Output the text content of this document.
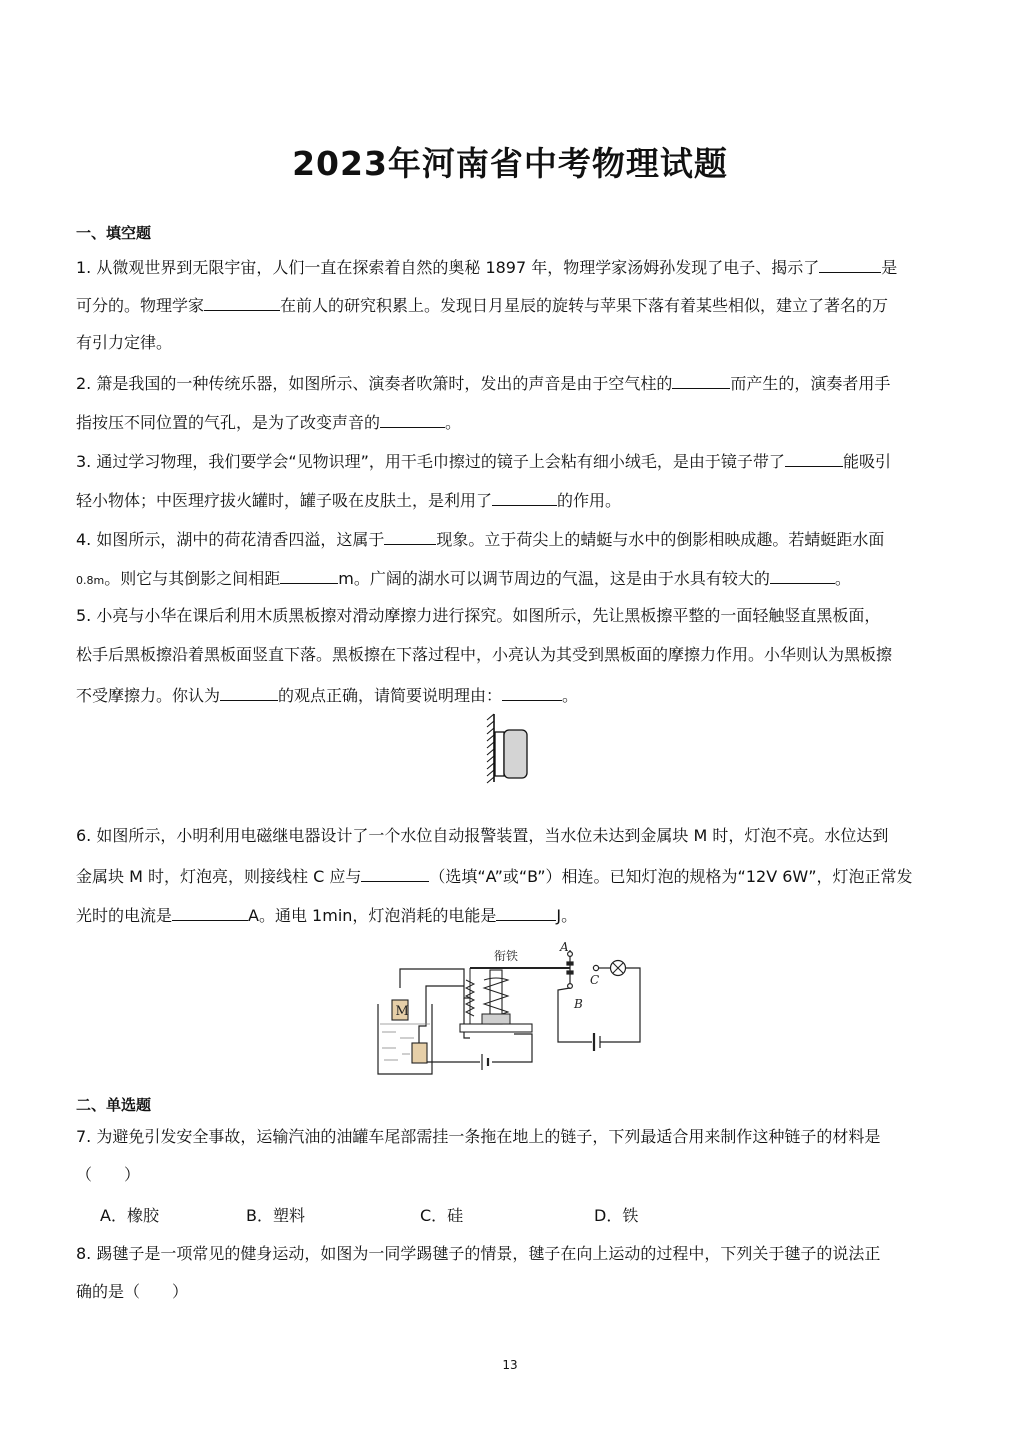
2023年河南省中考物理试题
一、填空题
1. 从微观世界到无限宇宙，人们一直在探索着自然的奥秘 1897 年，物理学家汤姆孙发现了电子、揭示了	是
可分的。物理学家	在前人的研究积累上。发现日月星辰的旋转与苹果下落有着某些相似，建立了著名的万
有引力定律。
2. 箫是我国的一种传统乐器，如图所示、演奏者吹箫时，发出的声音是由于空气柱的	而产生的，演奏者用手
指按压不同位置的气孔，是为了改变声音的	。
3. 通过学习物理，我们要学会“见物识理”，用干毛巾擦过的镜子上会粘有细小绒毛，是由于镜子带了	能吸引
轻小物体；中医理疗拔火罐时，罐子吸在皮肤土，是利用了	的作用。
4. 如图所示，湖中的荷花清香四溢，这属于	现象。立于荷尖上的蜻蜓与水中的倒影相映成趣。若蜻蜓距水面
0.8m。则它与其倒影之间相距	m。广阔的湖水可以调节周边的气温，这是由于水具有较大的	。
5. 小亮与小华在课后利用木质黑板擦对滑动摩擦力进行探究。如图所示，先让黑板擦平整的一面轻触竖直黑板面，
松手后黑板擦沿着黑板面竖直下落。黑板擦在下落过程中，小亮认为其受到黑板面的摩擦力作用。小华则认为黑板擦
不受摩擦力。你认为	的观点正确，请简要说明理由：	。
6. 如图所示，小明利用电磁继电器设计了一个水位自动报警装置，当水位未达到金属块 M 时，灯泡不亮。水位达到
金属块 M 时，灯泡亮，则接线柱 C 应与	（选填“A”或“B”）相连。已知灯泡的规格为“12V 6W”，灯泡正常发
光时的电流是	A。通电 1min，灯泡消耗的电能是	J。
M
衔铁
A
B
C
二、单选题
7. 为避免引发安全事故，运输汽油的油罐车尾部需挂一条拖在地上的链子，下列最适合用来制作这种链子的材料是
（　　）
A．橡胶	B．塑料	C．硅	D．铁
8. 踢毽子是一项常见的健身运动，如图为一同学踢毽子的情景，毽子在向上运动的过程中，下列关于毽子的说法正
确的是（　　）
13
